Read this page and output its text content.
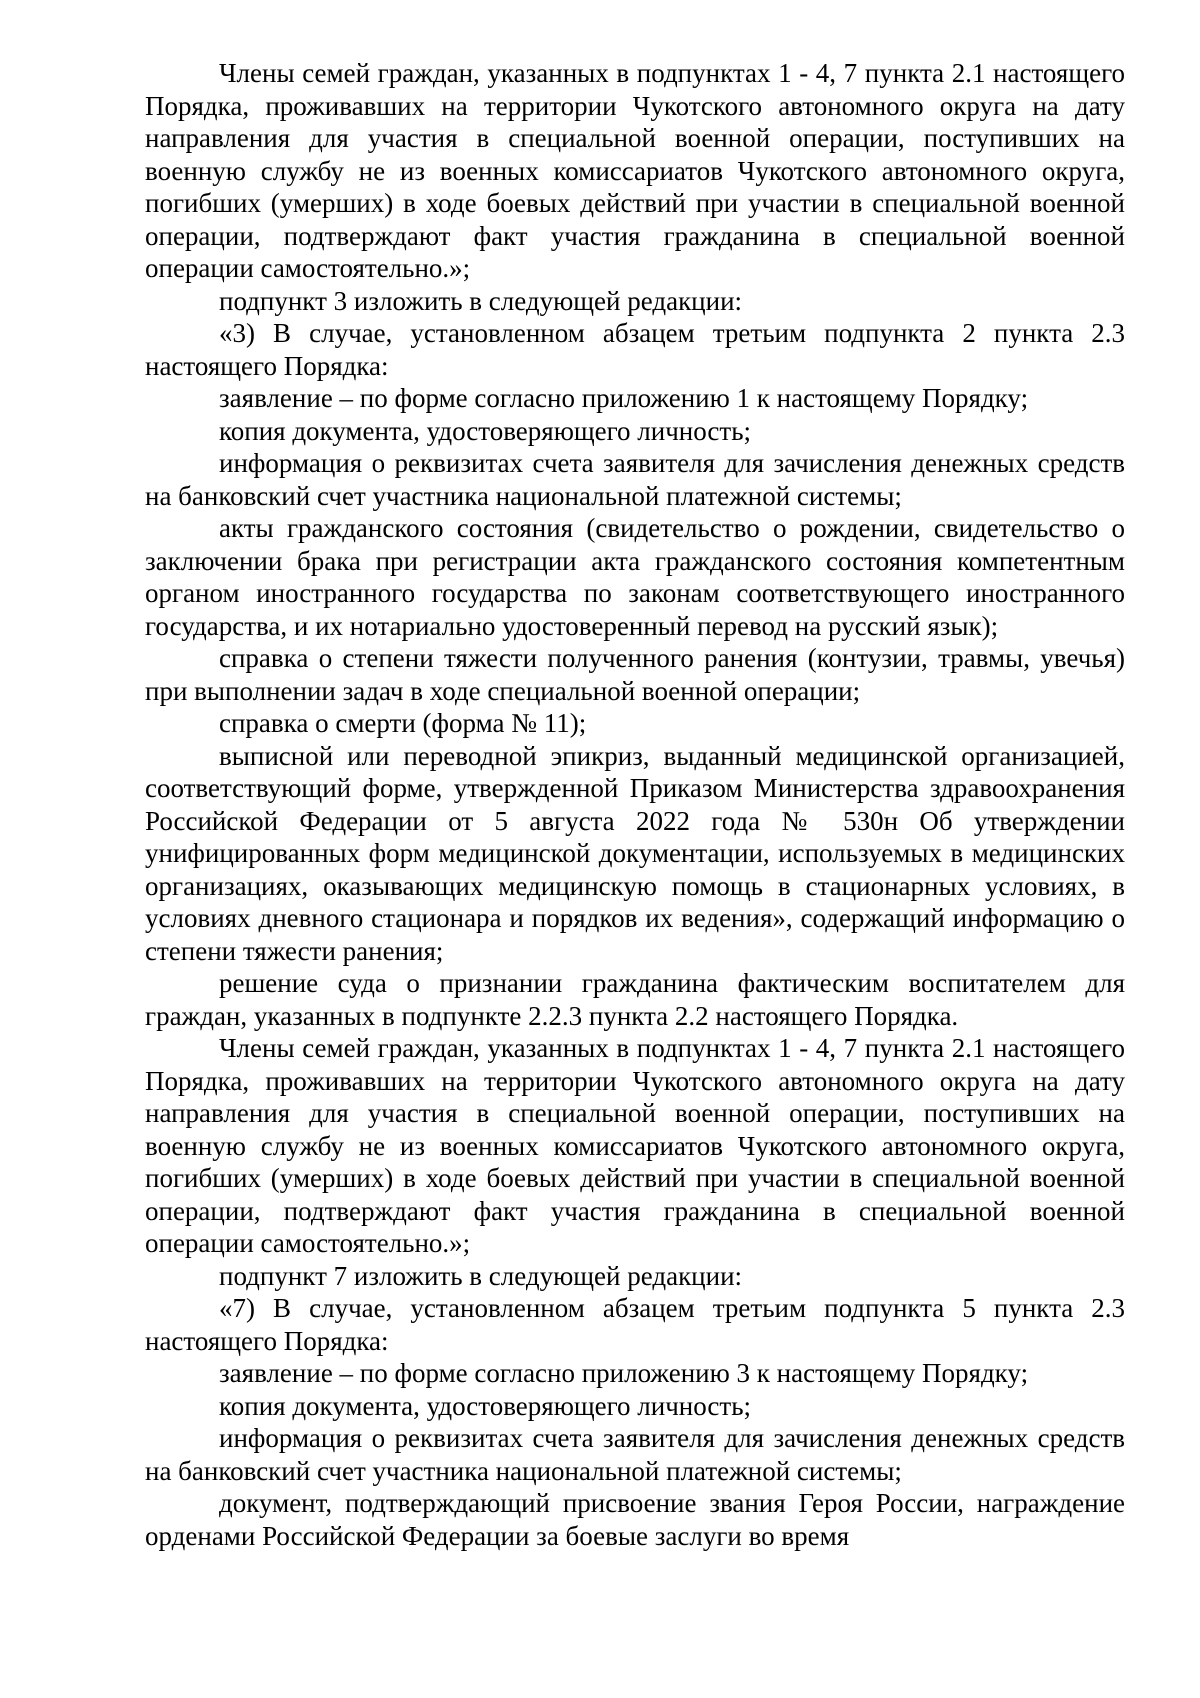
Члены семей граждан, указанных в подпунктах 1 - 4, 7 пункта 2.1 настоящего Порядка, проживавших на территории Чукотского автономного округа на дату направления для участия в специальной военной операции, поступивших на военную службу не из военных комиссариатов Чукотского автономного округа, погибших (умерших) в ходе боевых действий при участии в специальной военной операции, подтверждают факт участия гражданина в специальной военной операции самостоятельно.»;

подпункт 3 изложить в следующей редакции:

«3) В случае, установленном абзацем третьим подпункта 2 пункта 2.3 настоящего Порядка:

заявление – по форме согласно приложению 1 к настоящему Порядку;

копия документа, удостоверяющего личность;

информация о реквизитах счета заявителя для зачисления денежных средств на банковский счет участника национальной платежной системы;

акты гражданского состояния (свидетельство о рождении, свидетельство о заключении брака при регистрации акта гражданского состояния компетентным органом иностранного государства по законам соответствующего иностранного государства, и их нотариально удостоверенный перевод на русский язык);

справка о степени тяжести полученного ранения (контузии, травмы, увечья) при выполнении задач в ходе специальной военной операции;

справка о смерти (форма № 11);

выписной или переводной эпикриз, выданный медицинской организацией, соответствующий форме, утвержденной Приказом Министерства здравоохранения Российской Федерации от 5 августа 2022 года № 530н Об утверждении унифицированных форм медицинской документации, используемых в медицинских организациях, оказывающих медицинскую помощь в стационарных условиях, в условиях дневного стационара и порядков их ведения», содержащий информацию о степени тяжести ранения;

решение суда о признании гражданина фактическим воспитателем для граждан, указанных в подпункте 2.2.3 пункта 2.2 настоящего Порядка.

Члены семей граждан, указанных в подпунктах 1 - 4, 7 пункта 2.1 настоящего Порядка, проживавших на территории Чукотского автономного округа на дату направления для участия в специальной военной операции, поступивших на военную службу не из военных комиссариатов Чукотского автономного округа, погибших (умерших) в ходе боевых действий при участии в специальной военной операции, подтверждают факт участия гражданина в специальной военной операции самостоятельно.»;

подпункт 7 изложить в следующей редакции:

«7) В случае, установленном абзацем третьим подпункта 5 пункта 2.3 настоящего Порядка:

заявление – по форме согласно приложению 3 к настоящему Порядку;

копия документа, удостоверяющего личность;

информация о реквизитах счета заявителя для зачисления денежных средств на банковский счет участника национальной платежной системы;

документ, подтверждающий присвоение звания Героя России, награждение орденами Российской Федерации за боевые заслуги во время
